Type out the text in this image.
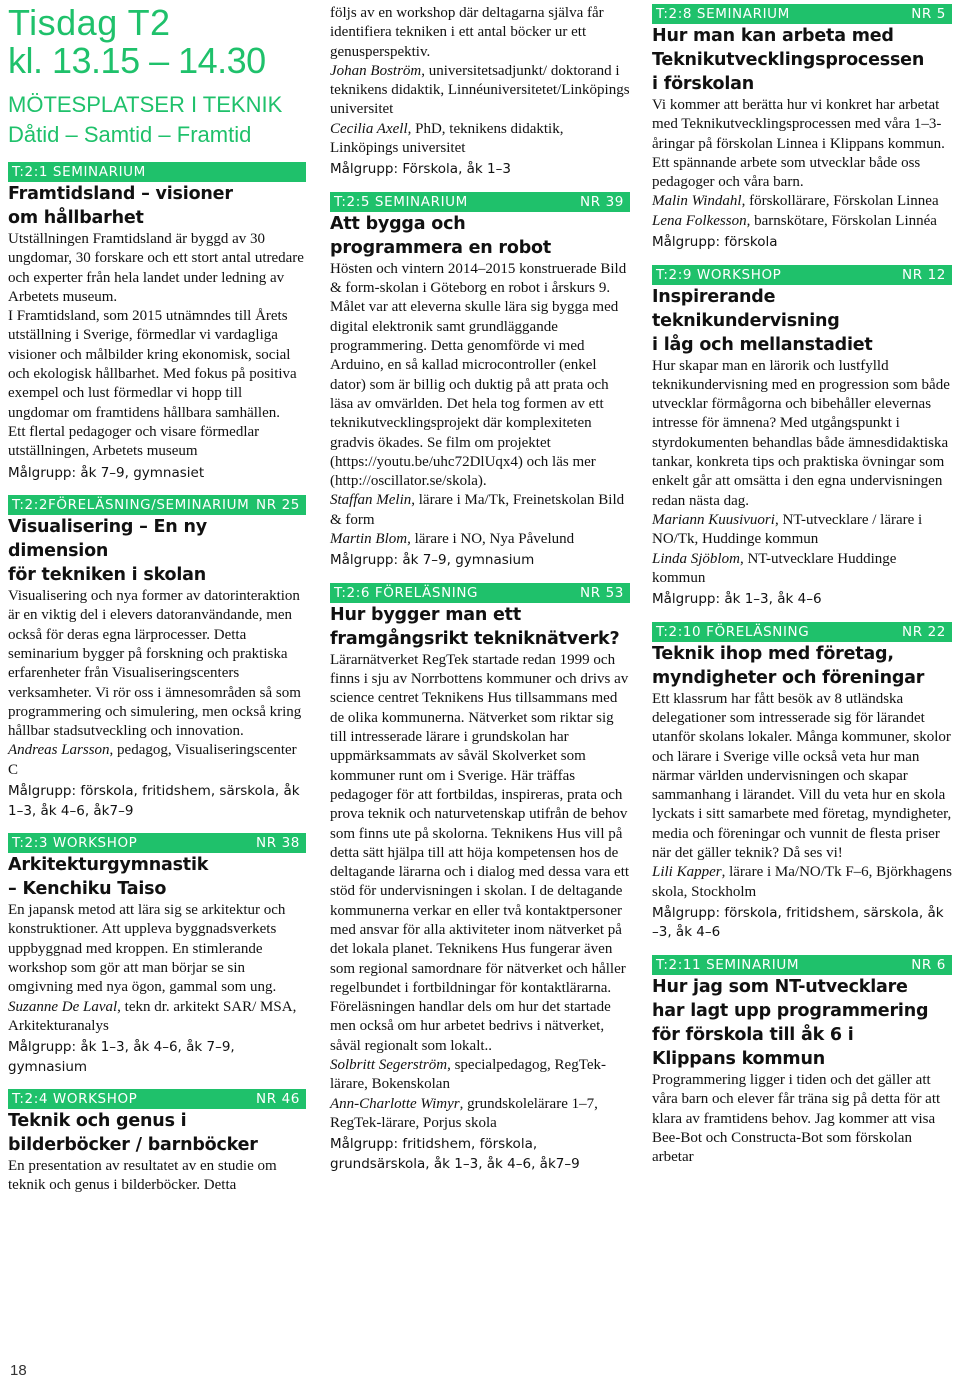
Tisdag T2
kl. 13.15 – 14.30
MÖTESPLATSER I TEKNIK
Dåtid – Samtid – Framtid
T:2:1 SEMINARIUM
Framtidsland – visioner
om hållbarhet

Utställningen Framtidsland är byggd av 30 ungdomar, 30 forskare och ett stort antal utredare och experter från hela landet under ledning av Arbetets museum.

I Framtidsland, som 2015 utnämndes till Årets utställning i Sverige, förmedlar vi vardagliga visioner och målbilder kring ekonomisk, social och ekologisk hållbarhet. Med fokus på positiva exempel och lust förmedlar vi hopp till ungdomar om framtidens hållbara samhällen.

Ett flertal pedagoger och visare förmedlar utställningen, Arbetets museum

Målgrupp: åk 7–9, gymnasiet

T:2:2FÖRELÄSNING/SEMINARIUM NR 25
Visualisering – En ny dimension
för tekniken i skolan

Visualisering och nya former av datorinteraktion är en viktig del i elevers datoranvändande, men också för deras egna lärprocesser. Detta seminarium bygger på forskning och praktiska erfarenheter från Visualiseringscenters verksamheter. Vi rör oss i ämnesområden så som programmering och simulering, men också kring hållbar stadsutveckling och innovation.

Andreas Larsson, pedagog, Visualiseringscenter C

Målgrupp: förskola, fritidshem, särskola, åk 1–3, åk 4–6, åk7–9

T:2:3 WORKSHOP	NR 38
Arkitekturgymnastik
– Kenchiku Taiso

En japansk metod att lära sig se arkitektur och konstruktioner. Att uppleva byggnadsverkets uppbyggnad med kroppen. En stimlerande workshop som gör att man börjar se sin omgivning med nya ögon, gammal som ung.

Suzanne De Laval, tekn dr. arkitekt SAR/ MSA, Arkitekturanalys

Målgrupp: åk 1–3, åk 4–6, åk 7–9, gymnasium

T:2:4 WORKSHOP	NR 46
Teknik och genus i
bilderböcker / barnböcker

En presentation av resultatet av en studie om teknik och genus i bilderböcker. Detta

följs av en workshop där deltagarna själva får identifiera tekniken i ett antal böcker ur ett genusperspektiv.

Johan Boström, universitetsadjunkt/ doktorand i teknikens didaktik, Linnéuniversitetet/Linköpings universitet

Cecilia Axell, PhD, teknikens didaktik, Linköpings universitet

Målgrupp: Förskola, åk 1–3

T:2:5 SEMINARIUM	NR 39
Att bygga och
programmera en robot

Hösten och vintern 2014–2015 konstruerade Bild & form-skolan i Göteborg en robot i årskurs 9. Målet var att eleverna skulle lära sig bygga med digital elektronik samt grundläggande programmering. Detta genomförde vi med Arduino, en så kallad microcontroller (enkel dator) som är billig och duktig på att prata och läsa av omvärlden. Det hela tog formen av ett teknikutvecklingsprojekt där komplexiteten gradvis ökades. Se film om projektet (https://youtu.be/uhc72DlUqx4) och läs mer (http://oscillator.se/skola).

Staffan Melin, lärare i Ma/Tk, Freinetskolan Bild & form

Martin Blom, lärare i NO, Nya Påvelund

Målgrupp: åk 7–9, gymnasium

T:2:6 FÖRELÄSNING	NR 53
Hur bygger man ett
framgångsrikt tekniknätverk?

Lärarnätverket RegTek startade redan 1999 och finns i sju av Norrbottens kommuner och drivs av science centret Teknikens Hus tillsammans med de olika kommunerna. Nätverket som riktar sig till intresserade lärare i grundskolan har uppmärksammats av såväl Skolverket som kommuner runt om i Sverige. Här träffas pedagoger för att fortbildas, inspireras, prata och prova teknik och naturvetenskap utifrån de behov som finns ute på skolorna. Teknikens Hus vill på detta sätt hjälpa till att höja kompetensen hos de deltagande lärarna och i dialog med dessa vara ett stöd för undervisningen i skolan. I de deltagande kommunerna verkar en eller två kontaktpersoner med ansvar för alla aktiviteter inom nätverket på det lokala planet. Teknikens Hus fungerar även som regional samordnare för nätverket och håller regelbundet i fortbildningar för kontaktlärarna. Föreläsningen handlar dels om hur det startade men också om hur arbetet bedrivs i nätverket, såväl regionalt som lokalt..

Solbritt Segerström, specialpedagog, RegTek-lärare, Bokenskolan

Ann-Charlotte Wimyr, grundskolelärare 1–7, RegTek-lärare, Porjus skola

Målgrupp: fritidshem, förskola, grundsärskola, åk 1–3, åk 4–6, åk7–9

T:2:8 SEMINARIUM	NR 5
Hur man kan arbeta med
Teknikutvecklingsprocessen
i förskolan

Vi kommer att berätta hur vi konkret har arbetat med Teknikutvecklingsprocessen med våra 1–3-åringar på förskolan Linnea i Klippans kommun. Ett spännande arbete som utvecklar både oss pedagoger och våra barn.

Malin Windahl, förskollärare, Förskolan Linnea

Lena Folkesson, barnskötare, Förskolan Linnéa

Målgrupp: förskola

T:2:9 WORKSHOP	NR 12
Inspirerande teknikundervisning
i låg och mellanstadiet

Hur skapar man en lärorik och lustfylld teknikundervisning med en progression som både utvecklar förmågorna och bibehåller elevernas intresse för ämnena? Med utgångspunkt i styrdokumenten behandlas både ämnesdidaktiska tankar, konkreta tips och praktiska övningar som enkelt går att omsätta i den egna undervisningen redan nästa dag.

Mariann Kuusivuori, NT-utvecklare / lärare i NO/Tk, Huddinge kommun

Linda Sjöblom, NT-utvecklare Huddinge kommun

Målgrupp: åk 1–3, åk 4–6

T:2:10 FÖRELÄSNING	NR 22
Teknik ihop med företag,
myndigheter och föreningar

Ett klassrum har fått besök av 8 utländska delegationer som intresserade sig för lärandet utanför skolans lokaler. Många kommuner, skolor och lärare i Sverige ville också veta hur man närmar världen undervisningen och skapar sammanhang i lärandet. Vill du veta hur en skola lyckats i sitt samarbete med företag, myndigheter, media och föreningar och vunnit de flesta priser när det gäller teknik? Då ses vi!

Lili Kapper, lärare i Ma/NO/Tk F–6, Björkhagens skola, Stockholm

Målgrupp: förskola, fritidshem, särskola, åk –3, åk 4–6

T:2:11 SEMINARIUM	NR 6
Hur jag som NT-utvecklare
har lagt upp programmering
för förskola till åk 6 i
Klippans kommun

Programmering ligger i tiden och det gäller att våra barn och elever får träna sig på detta för att klara av framtidens behov. Jag kommer att visa Bee-Bot och Constructa-Bot som förskolan arbetar

18
